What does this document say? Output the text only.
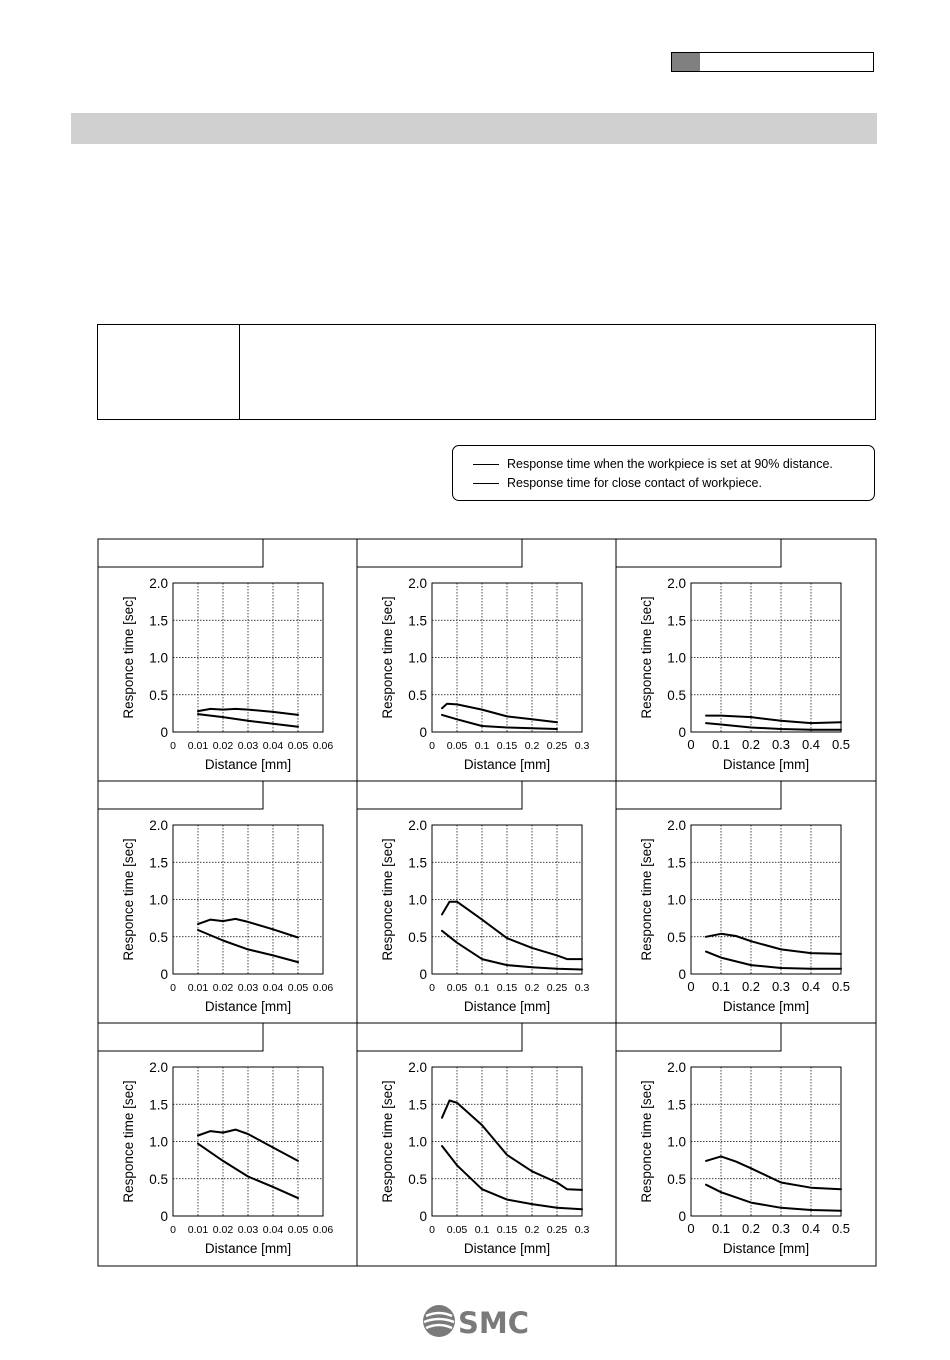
Response time when the workpiece is set at 90% distance.
Response time for close contact of workpiece.
0 0.01 0.02 0.03 0.04 0.05 0.06
0
0.5
1.0
1.5
2.0
Distance [mm]
Responce time [sec]
0 0.05 0.1 0.15 0.2 0.25 0.3
0
0.5
1.0
1.5
2.0
Distance [mm]
Responce time [sec]
0 0.1 0.2 0.3 0.4 0.5
0
0.5
1.0
1.5
2.0
Distance [mm]
Responce time [sec]
0 0.01 0.02 0.03 0.04 0.05 0.06
0
0.5
1.0
1.5
2.0
Distance [mm]
Responce time [sec]
0 0.05 0.1 0.15 0.2 0.25 0.3
0
0.5
1.0
1.5
2.0
Distance [mm]
Responce time [sec]
0 0.1 0.2 0.3 0.4 0.5
0
0.5
1.0
1.5
2.0
Distance [mm]
Responce time [sec]
0 0.01 0.02 0.03 0.04 0.05 0.06
0
0.5
1.0
1.5
2.0
Distance [mm]
Responce time [sec]
0 0.05 0.1 0.15 0.2 0.25 0.3
0
0.5
1.0
1.5
2.0
Distance [mm]
Responce time [sec]
0 0.1 0.2 0.3 0.4 0.5
0
0.5
1.0
1.5
2.0
Distance [mm]
Responce time [sec]
SMC
